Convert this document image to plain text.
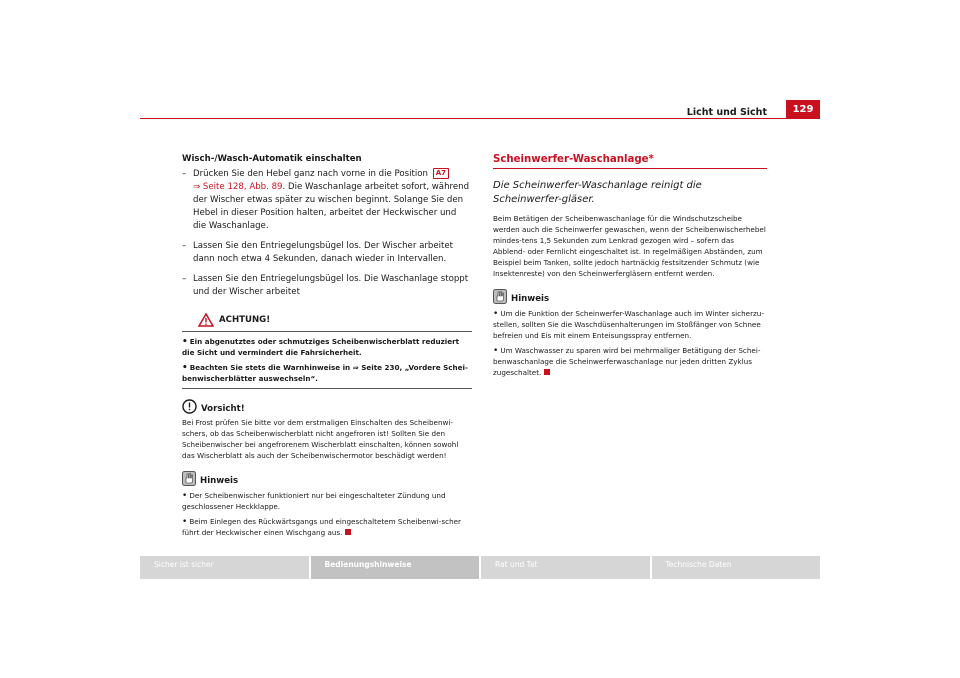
Licht und Sicht	129
Wisch-/Wasch-Automatik einschalten
– Drücken Sie den Hebel ganz nach vorne in die Position A7
⇒ Seite 128, Abb. 89. Die Waschanlage arbeitet sofort, während der Wischer etwas später zu wischen beginnt. Solange Sie den Hebel in dieser Position halten, arbeitet der Heckwischer und die Waschanlage.
– Lassen Sie den Entriegelungsbügel los. Der Wischer arbeitet dann noch etwa 4 Sekunden, danach wieder in Intervallen.
– Lassen Sie den Entriegelungsbügel los. Die Waschanlage stoppt und der Wischer arbeitet
ACHTUNG!
• Ein abgenutztes oder schmutziges Scheibenwischerblatt reduziert die Sicht und vermindert die Fahrsicherheit.
• Beachten Sie stets die Warnhinweise in ⇒ Seite 230, „Vordere Schei-benwischerblätter auswechseln“.
Vorsicht!
Bei Frost prüfen Sie bitte vor dem erstmaligen Einschalten des Scheibenwi-schers, ob das Scheibenwischerblatt nicht angefroren ist! Sollten Sie den Scheibenwischer bei angefrorenem Wischerblatt einschalten, können sowohl das Wischerblatt als auch der Scheibenwischermotor beschädigt werden!
Hinweis
• Der Scheibenwischer funktioniert nur bei eingeschalteter Zündung und geschlossener Heckklappe.
• Beim Einlegen des Rückwärtsgangs und eingeschaltetem Scheibenwi-scher führt der Heckwischer einen Wischgang aus.
Scheinwerfer-Waschanlage*
Die Scheinwerfer-Waschanlage reinigt die Scheinwerfer-gläser.
Beim Betätigen der Scheibenwaschanlage für die Windschutzscheibe werden auch die Scheinwerfer gewaschen, wenn der Scheibenwischerhebel mindes-tens 1,5 Sekunden zum Lenkrad gezogen wird – sofern das Abblend- oder Fernlicht eingeschaltet ist. In regelmäßigen Abständen, zum Beispiel beim Tanken, sollte jedoch hartnäckig festsitzender Schmutz (wie Insektenreste) von den Scheinwerfergläsern entfernt werden.
Hinweis
• Um die Funktion der Scheinwerfer-Waschanlage auch im Winter sicherzu-stellen, sollten Sie die Waschdüsenhalterungen im Stoßfänger von Schnee befreien und Eis mit einem Enteisungsspray entfernen.
• Um Waschwasser zu sparen wird bei mehrmaliger Betätigung der Schei-benwaschanlage die Scheinwerferwaschanlage nur jeden dritten Zyklus zugeschaltet.
Sicher ist sicher	Bedienungshinweise	Rat und Tat	Technische Daten
